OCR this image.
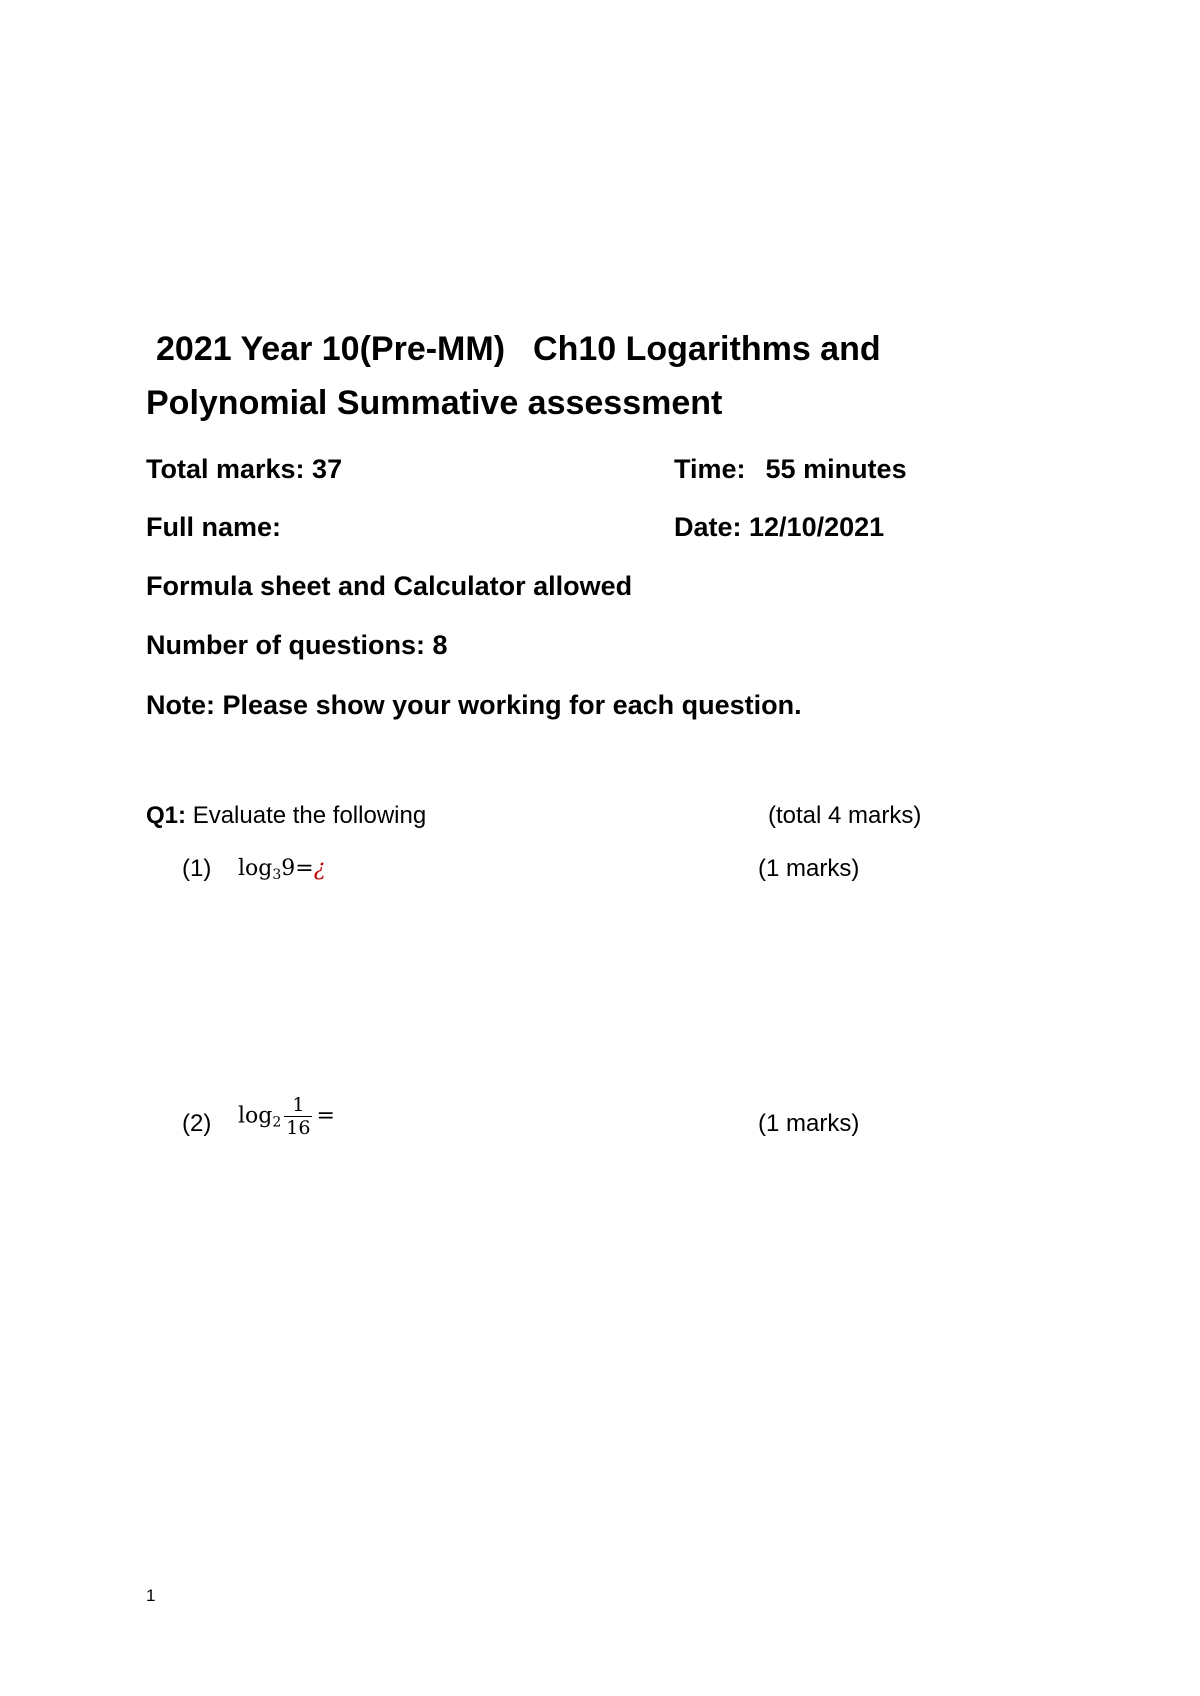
2021 Year 10(Pre-MM) Ch10 Logarithms and
Polynomial Summative assessment
Total marks: 37	Time: 55 minutes
Full name:	Date: 12/10/2021
Formula sheet and Calculator allowed
Number of questions: 8
Note: Please show your working for each question.
Q1: Evaluate the following	(total 4 marks)
(1) $\log_39=¿$	(1 marks)
(2) $\log_2 \frac{1}{16}$ =	(1 marks)
1
